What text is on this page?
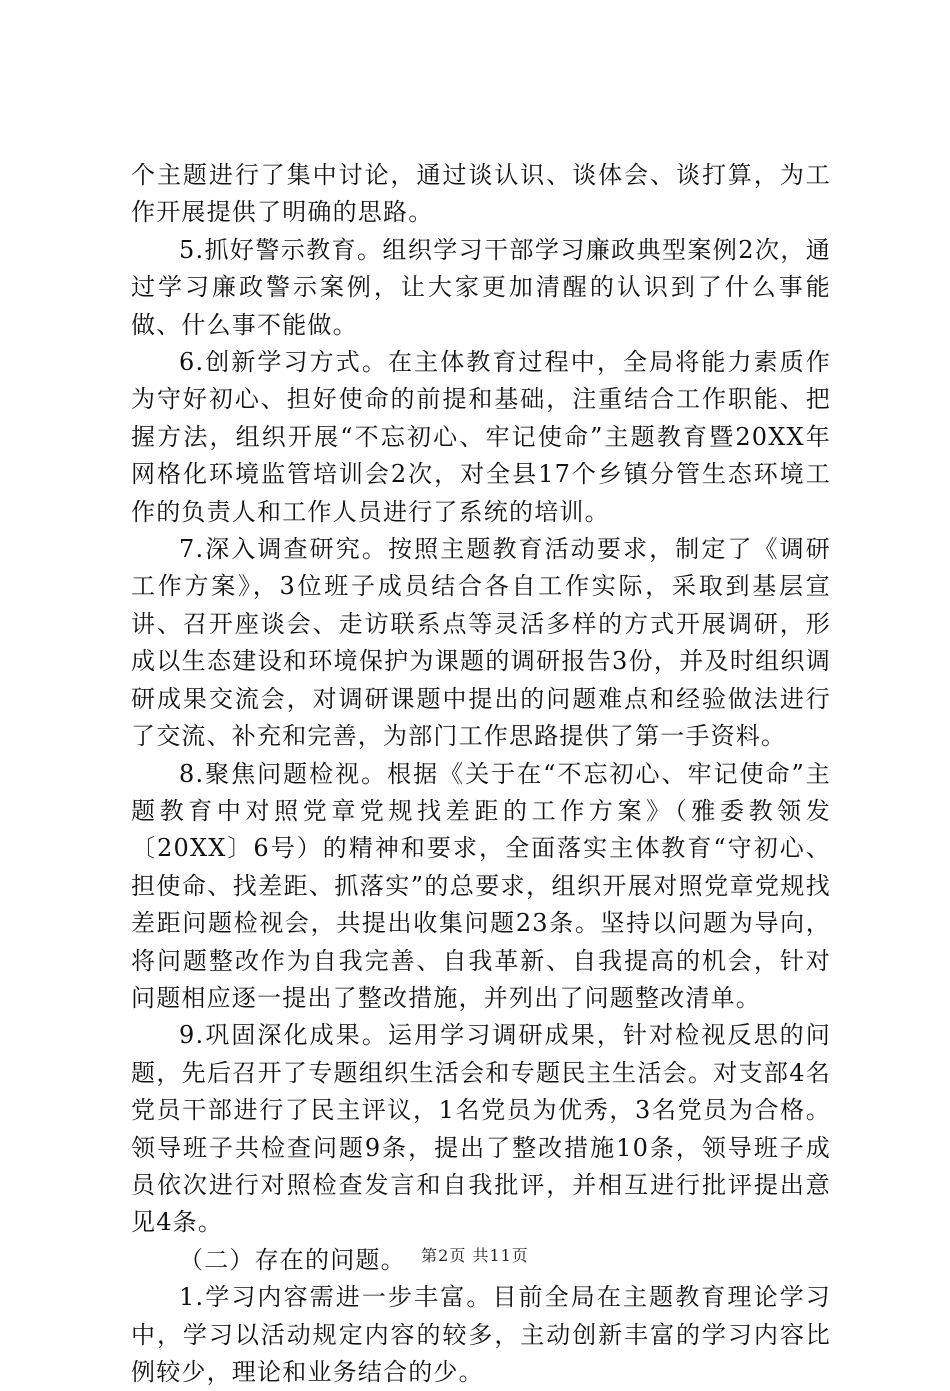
个主题进行了集中讨论，通过谈认识、谈体会、谈打算，为工作开展提供了明确的思路。

5.抓好警示教育。组织学习干部学习廉政典型案例2次，通过学习廉政警示案例，让大家更加清醒的认识到了什么事能做、什么事不能做。

6.创新学习方式。在主体教育过程中，全局将能力素质作为守好初心、担好使命的前提和基础，注重结合工作职能、把握方法，组织开展“不忘初心、牢记使命”主题教育暨20XX年网格化环境监管培训会2次，对全县17个乡镇分管生态环境工作的负责人和工作人员进行了系统的培训。

7.深入调查研究。按照主题教育活动要求，制定了《调研工作方案》，3位班子成员结合各自工作实际，采取到基层宣讲、召开座谈会、走访联系点等灵活多样的方式开展调研，形成以生态建设和环境保护为课题的调研报告3份，并及时组织调研成果交流会，对调研课题中提出的问题难点和经验做法进行了交流、补充和完善，为部门工作思路提供了第一手资料。

8.聚焦问题检视。根据《关于在“不忘初心、牢记使命”主题教育中对照党章党规找差距的工作方案》（雅委教领发〔20XX〕6号）的精神和要求，全面落实主体教育“守初心、担使命、找差距、抓落实”的总要求，组织开展对照党章党规找差距问题检视会，共提出收集问题23条。坚持以问题为导向，将问题整改作为自我完善、自我革新、自我提高的机会，针对问题相应逐一提出了整改措施，并列出了问题整改清单。

9.巩固深化成果。运用学习调研成果，针对检视反思的问题，先后召开了专题组织生活会和专题民主生活会。对支部4名党员干部进行了民主评议，1名党员为优秀，3名党员为合格。领导班子共检查问题9条，提出了整改措施10条，领导班子成员依次进行对照检查发言和自我批评，并相互进行批评提出意见4条。

（二）存在的问题。

1.学习内容需进一步丰富。目前全局在主题教育理论学习中，学习以活动规定内容的较多，主动创新丰富的学习内容比例较少，理论和业务结合的少。

第2页 共11页
